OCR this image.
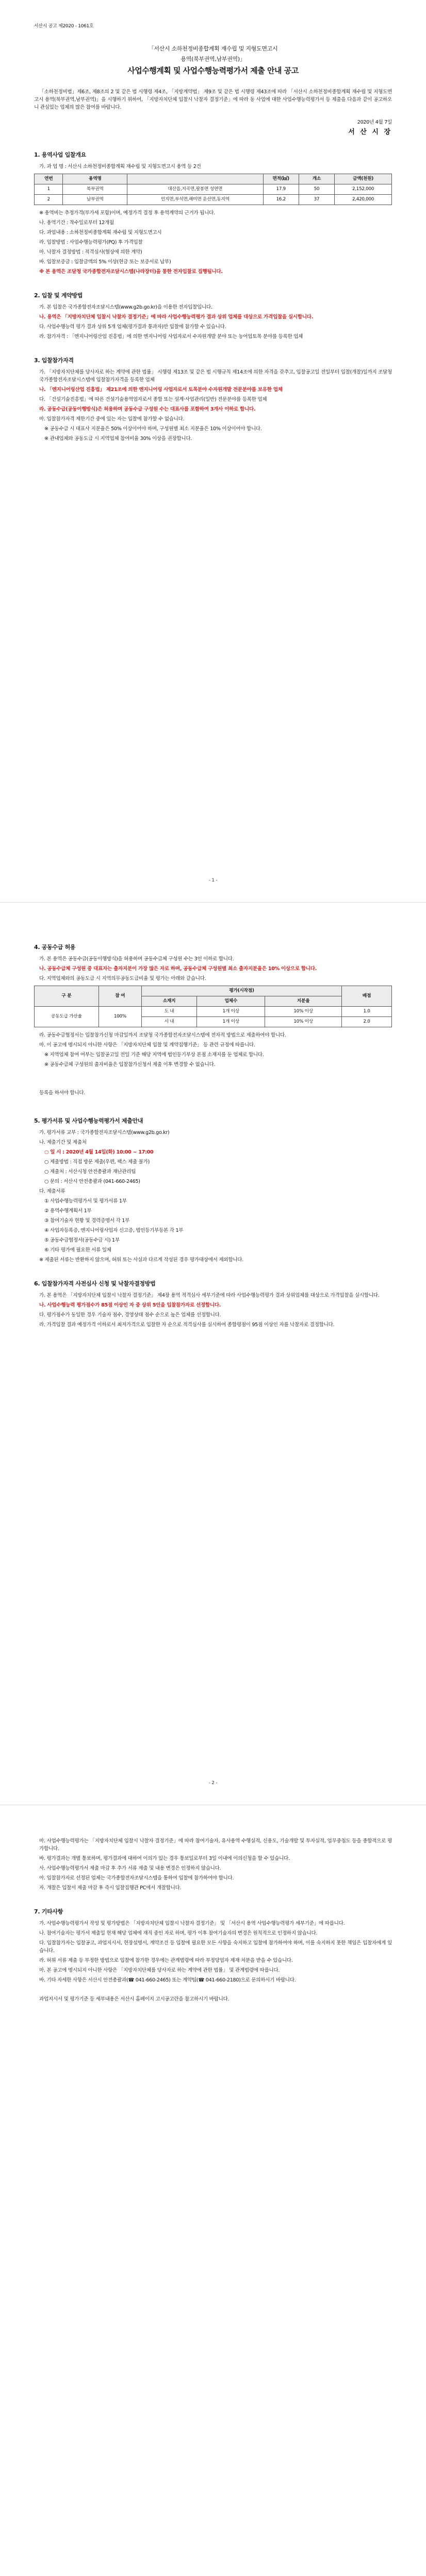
서산시 공고 제2020 - 1061호
「서산시 소하천정비종합계획 재수립 및 지형도면고시
용역(북부권역,남부권역)」
사업수행계획 및 사업수행능력평가서 제출 안내 공고

「소하천정비법」제6조, 제8조의 2 및 같은 법 시행령 제4조, 「지방계약법」 제9조 및 같은 법 시행령 제43조에 따라 「서산시 소하천정비종합계획 재수립 및 지형도면고시 용역(북부권역,남부권역)」을 시행하기 위하여, 「지방자치단체 입찰시 낙찰자 결정기준」에 따라 동 사업에 대한 사업수행능력평가서 등 제출을 다음과 같이 공고하오니 관심있는 업체의 많은 참여를 바랍니다.

2020년 4월 7일
서 산 시 장
1. 용역사업 입찰개요
가. 과 업 명 : 서산시 소하천정비종합계획 재수립 및 지형도면고시 용역 등 2건
연번	용역명		면적(㎢)	개소	금액(천원)
1	북부권역	대산읍,지곡면,팔봉면 성연면	17.9	50	2,152,000
2	남부권역	인지면,부석면,해미면 운산면,동지역	16.2	37	2,420,000

※ 용역비는 추정가격(부가세 포함)이며, 예정가격 결정 후 용역계약의 근거가 됩니다.

나. 용역기간 : 착수일로부터 12개월

다. 과업내용 : 소하천정비종합계획 재수립 및 지형도면고시

라. 입찰방법 : 사업수행능력평가(PQ) 후 가격입찰

마. 낙찰자 결정방법 : 적격심사(협상에 의한 계약)

바. 입찰보증금 : 입찰금액의 5% 이상(현금 또는 보증서로 납부)

※ 본 용역은 조달청 국가종합전자조달시스템(나라장터)을 통한 전자입찰로 집행됩니다.

2. 입찰 및 계약방법

가. 본 입찰은 국가종합전자조달시스템(www.g2b.go.kr)을 이용한 전자입찰입니다.

나. 용역은 「지방자치단체 입찰시 낙찰자 결정기준」에 따라 사업수행능력평가 결과 상위 업체를 대상으로 가격입찰을 실시합니다.

다. 사업수행능력 평가 결과 상위 5개 업체(평가결과 통과자)만 입찰에 참가할 수 있습니다.

라. 참가자격 : 「엔지니어링산업 진흥법」에 의한 엔지니어링 사업자로서 수자원개발 분야 또는 농어업토목 분야를 등록한 업체

3. 입찰참가자격

가. 「지방자치단체를 당사자로 하는 계약에 관한 법률」 시행령 제13조 및 같은 법 시행규칙 제14조에 의한 자격을 갖추고, 입찰공고일 전일부터 입찰(개찰)일까지 조달청 국가종합전자조달시스템에 입찰참가자격을 등록한 업체

나. 「엔지니어링산업 진흥법」 제21조에 의한 엔지니어링 사업자로서 토목분야 수자원개발 전문분야를 보유한 업체

다. 「건설기술진흥법」에 따른 건설기술용역업자로서 종합 또는 설계·사업관리(일반) 전문분야를 등록한 업체

라. 공동수급(공동이행방식)은 허용하며 공동수급 구성원 수는 대표사를 포함하여 3개사 이하로 합니다.

마. 입찰참가자격 제한기간 중에 있는 자는 입찰에 참가할 수 없습니다.

※ 공동수급 시 대표사 지분율은 50% 이상이어야 하며, 구성원별 최소 지분율은 10% 이상이어야 합니다.

※ 관내업체와 공동도급 시 지역업체 참여비율 30% 이상을 권장합니다.

- 1 -
4. 공동수급 허용

가. 본 용역은 공동수급(공동이행방식)을 허용하며 공동수급체 구성원 수는 3인 이하로 합니다.

나. 공동수급체 구성원 중 대표자는 출자지분이 가장 많은 자로 하며, 공동수급체 구성원별 최소 출자지분율은 10% 이상으로 합니다.

다. 지역업체와의 공동도급 시 지역의무공동도급비율 및 평가는 아래와 같습니다.

구 분	참 여	평가(시작점)			배점
		소재지	업체수	지분율	
공동도급 가산율	100%	도 내	1개 이상	10% 이상	1.0
		시 내	1개 이상	10% 이상	2.0

라. 공동수급협정서는 입찰참가신청 마감일까지 조달청 국가종합전자조달시스템에 전자적 방법으로 제출하여야 합니다.

마. 이 공고에 명시되지 아니한 사항은 「지방자치단체 입찰 및 계약집행기준」 등 관련 규정에 따릅니다.

※ 지역업체 참여 여부는 입찰공고일 전일 기준 해당 지역에 법인등기부상 본점 소재지를 둔 업체로 합니다.

※ 공동수급체 구성원의 출자비율은 입찰참가신청서 제출 이후 변경할 수 없습니다.

등록을 하셔야 합니다.

5. 평가서류 및 사업수행능력평가서 제출안내

가. 평가서류 교부 : 국가종합전자조달시스템(www.g2b.go.kr)

나. 제출기간 및 제출처

○ 일 시 : 2020년 4월 14일(화) 10:00 ~ 17:00

○ 제출방법 : 직접 방문 제출(우편, 팩스 제출 불가)

○ 제출처 : 서산시청 안전총괄과 재난관리팀

○ 문의 : 서산시 안전총괄과 (041-660-2465)

다. 제출서류

① 사업수행능력평가서 및 평가서류 1부

② 용역수행계획서 1부

③ 참여기술자 현황 및 경력증명서 각 1부

④ 사업자등록증, 엔지니어링사업자 신고증, 법인등기부등본 각 1부

⑤ 공동수급협정서(공동수급 시) 1부

⑥ 기타 평가에 필요한 서류 일체

※ 제출된 서류는 반환하지 않으며, 허위 또는 사실과 다르게 작성된 경우 평가대상에서 제외합니다.

6. 입찰참가자격 사전심사 신청 및 낙찰자결정방법

가. 본 용역은 「지방자치단체 입찰시 낙찰자 결정기준」 제4장 용역 적격심사 세부기준에 따라 사업수행능력평가 결과 상위업체를 대상으로 가격입찰을 실시합니다.

나. 사업수행능력 평가점수가 85점 이상인 자 중 상위 5인을 입찰참가자로 선정합니다.

다. 평가점수가 동일한 경우 기술자 점수, 경영상태 점수 순으로 높은 업체를 선정합니다.

라. 가격입찰 결과 예정가격 이하로서 최저가격으로 입찰한 자 순으로 적격심사를 실시하여 종합평점이 95점 이상인 자를 낙찰자로 결정합니다.

- 2 -

마. 사업수행능력평가는 「지방자치단체 입찰시 낙찰자 결정기준」에 따라 참여기술자, 유사용역 수행실적, 신용도, 기술개발 및 투자실적, 업무중첩도 등을 종합적으로 평가합니다.

바. 평가결과는 개별 통보하며, 평가결과에 대하여 이의가 있는 경우 통보일로부터 3일 이내에 이의신청을 할 수 있습니다.

사. 사업수행능력평가서 제출 마감 후 추가 서류 제출 및 내용 변경은 인정하지 않습니다.

아. 입찰참가자로 선정된 업체는 국가종합전자조달시스템을 통하여 입찰에 참가하여야 합니다.

자. 개찰은 입찰서 제출 마감 후 즉시 입찰집행관 PC에서 개찰합니다.

7. 기타사항

가. 사업수행능력평가서 작성 및 평가방법은 「지방자치단체 입찰시 낙찰자 결정기준」 및 「서산시 용역 사업수행능력평가 세부기준」에 따릅니다.

나. 참여기술자는 평가서 제출일 현재 해당 업체에 재직 중인 자로 하며, 평가 이후 참여기술자의 변경은 원칙적으로 인정하지 않습니다.

다. 입찰참가자는 입찰공고, 과업지시서, 현장설명서, 계약조건 등 입찰에 필요한 모든 사항을 숙지하고 입찰에 참가하여야 하며, 이를 숙지하지 못한 책임은 입찰자에게 있습니다.

라. 허위 서류 제출 등 부정한 방법으로 입찰에 참가한 경우에는 관계법령에 따라 부정당업자 제재 처분을 받을 수 있습니다.

마. 본 공고에 명시되지 아니한 사항은 「지방자치단체를 당사자로 하는 계약에 관한 법률」 및 관계법령에 따릅니다.

바. 기타 자세한 사항은 서산시 안전총괄과(☎ 041-660-2465) 또는 계약팀(☎ 041-660-2180)으로 문의하시기 바랍니다.

과업지시서 및 평가기준 등 세부내용은 서산시 홈페이지 고시공고란을 참고하시기 바랍니다.
